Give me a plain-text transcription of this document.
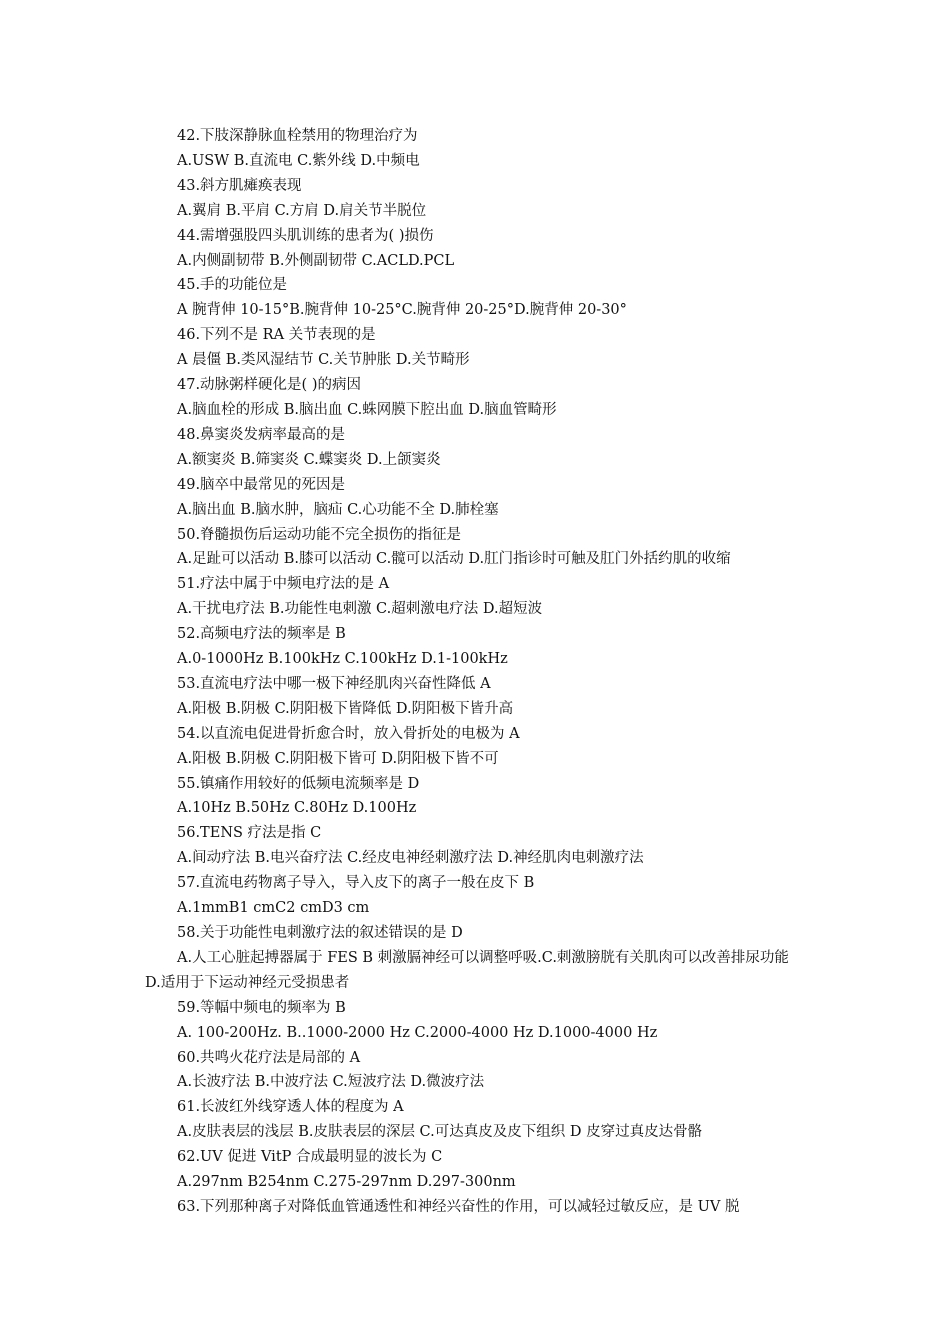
42.下肢深静脉血栓禁用的物理治疗为
A.USW B.直流电 C.紫外线 D.中频电
43.斜方肌瘫痪表现
A.翼肩 B.平肩 C.方肩 D.肩关节半脱位
44.需增强股四头肌训练的患者为( )损伤
A.内侧副韧带 B.外侧副韧带 C.ACLD.PCL
45.手的功能位是
A 腕背伸 10-15°B.腕背伸 10-25°C.腕背伸 20-25°D.腕背伸 20-30°
46.下列不是 RA 关节表现的是
A 晨僵 B.类风湿结节 C.关节肿胀 D.关节畸形
47.动脉粥样硬化是( )的病因
A.脑血栓的形成 B.脑出血 C.蛛网膜下腔出血 D.脑血管畸形
48.鼻窦炎发病率最高的是
A.额窦炎 B.筛窦炎 C.蝶窦炎 D.上颌窦炎
49.脑卒中最常见的死因是
A.脑出血 B.脑水肿，脑疝 C.心功能不全 D.肺栓塞
50.脊髓损伤后运动功能不完全损伤的指征是
A.足趾可以活动 B.膝可以活动 C.髋可以活动 D.肛门指诊时可触及肛门外括约肌的收缩
51.疗法中属于中频电疗法的是 A
A.干扰电疗法 B.功能性电刺激 C.超刺激电疗法 D.超短波
52.高频电疗法的频率是 B
A.0-1000Hz B.100kHz C.100kHz D.1-100kHz
53.直流电疗法中哪一极下神经肌肉兴奋性降低 A
A.阳极 B.阴极 C.阴阳极下皆降低 D.阴阳极下皆升高
54.以直流电促进骨折愈合时，放入骨折处的电极为 A
A.阳极 B.阴极 C.阴阳极下皆可 D.阴阳极下皆不可
55.镇痛作用较好的低频电流频率是 D
A.10Hz B.50Hz C.80Hz D.100Hz
56.TENS 疗法是指 C
A.间动疗法 B.电兴奋疗法 C.经皮电神经刺激疗法 D.神经肌肉电刺激疗法
57.直流电药物离子导入，导入皮下的离子一般在皮下 B
A.1mmB1 cmC2 cmD3 cm
58.关于功能性电刺激疗法的叙述错误的是 D
A.人工心脏起搏器属于 FES B 刺激膈神经可以调整呼吸.C.刺激膀胱有关肌肉可以改善排尿功能 D.适用于下运动神经元受损患者
59.等幅中频电的频率为 B
A. 100-200Hz. B..1000-2000 Hz C.2000-4000 Hz D.1000-4000 Hz
60.共鸣火花疗法是局部的 A
A.长波疗法 B.中波疗法 C.短波疗法 D.微波疗法
61.长波红外线穿透人体的程度为 A
A.皮肤表层的浅层 B.皮肤表层的深层 C.可达真皮及皮下组织 D 皮穿过真皮达骨骼
62.UV 促进 VitP 合成最明显的波长为 C
A.297nm B254nm C.275-297nm D.297-300nm
63.下列那种离子对降低血管通透性和神经兴奋性的作用，可以减轻过敏反应，是 UV 脱
